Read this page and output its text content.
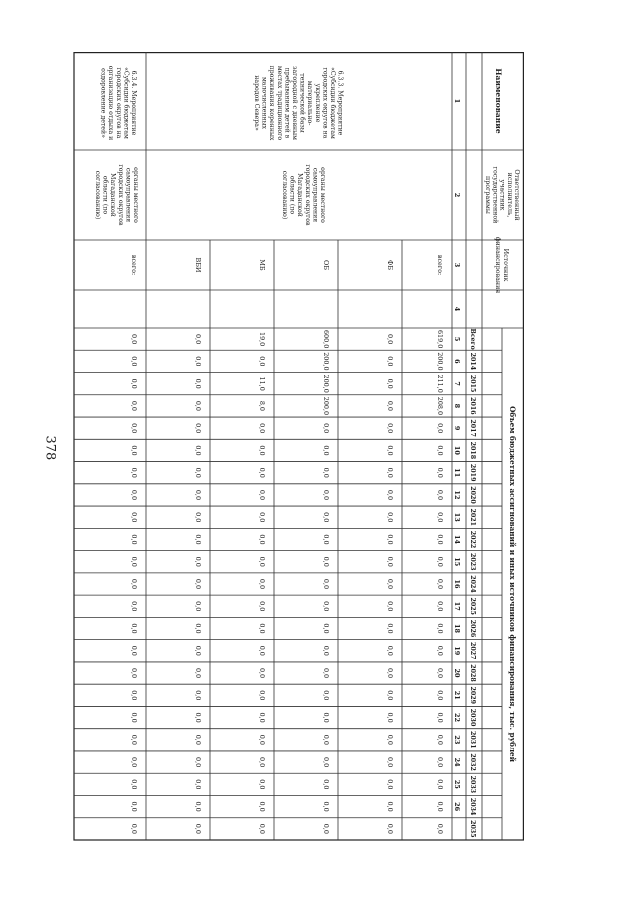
378
Наименование
Ответственный
исполнитель,
участник
государственной
программы
Источник
финансирования
Объем бюджетных ассигнований и иных источников финансирования, тыс. рублей
Всего
2014
2015
2016
2017
2018
2019
2020
2021
2022
2023
2024
2025
2026
2027
2028
2029
2030
2031
2032
2033
2034
2035
1
2
3
4
5
6
7
8
9
10
11
12
13
14
15
16
17
18
19
20
21
22
23
24
25
26
6.3.3. Мероприятие
«Субсидии бюджетам
городских округов на
укрепление
материально-
технической базы
загородной с дневным
пребыванием детей в
местах традиционного
проживания коренных
малочисленных
народов Севера»
органы местного
самоуправления
городских округов
Магаданской
области (по
согласованию)
всего:
619,0
200,0
211,0
208,0
0,0
0,0
0,0
0,0
0,0
0,0
0,0
0,0
0,0
0,0
0,0
0,0
0,0
0,0
0,0
0,0
0,0
0,0
0,0
ФБ
0,0
0,0
0,0
0,0
0,0
0,0
0,0
0,0
0,0
0,0
0,0
0,0
0,0
0,0
0,0
0,0
0,0
0,0
0,0
0,0
0,0
0,0
0,0
ОБ
600,0
200,0
200,0
200,0
0,0
0,0
0,0
0,0
0,0
0,0
0,0
0,0
0,0
0,0
0,0
0,0
0,0
0,0
0,0
0,0
0,0
0,0
0,0
МБ
19,0
0,0
11,0
8,0
0,0
0,0
0,0
0,0
0,0
0,0
0,0
0,0
0,0
0,0
0,0
0,0
0,0
0,0
0,0
0,0
0,0
0,0
0,0
ВБИ
0,0
0,0
0,0
0,0
0,0
0,0
0,0
0,0
0,0
0,0
0,0
0,0
0,0
0,0
0,0
0,0
0,0
0,0
0,0
0,0
0,0
0,0
0,0
6.3.4. Мероприятие
«Субсидии бюджетам
городских округов на
организацию отдыха и
оздоровление детей»
органы местного
самоуправления
городских округов
Магаданской
области (по
согласованию)
всего:
0,0
0,0
0,0
0,0
0,0
0,0
0,0
0,0
0,0
0,0
0,0
0,0
0,0
0,0
0,0
0,0
0,0
0,0
0,0
0,0
0,0
0,0
0,0
